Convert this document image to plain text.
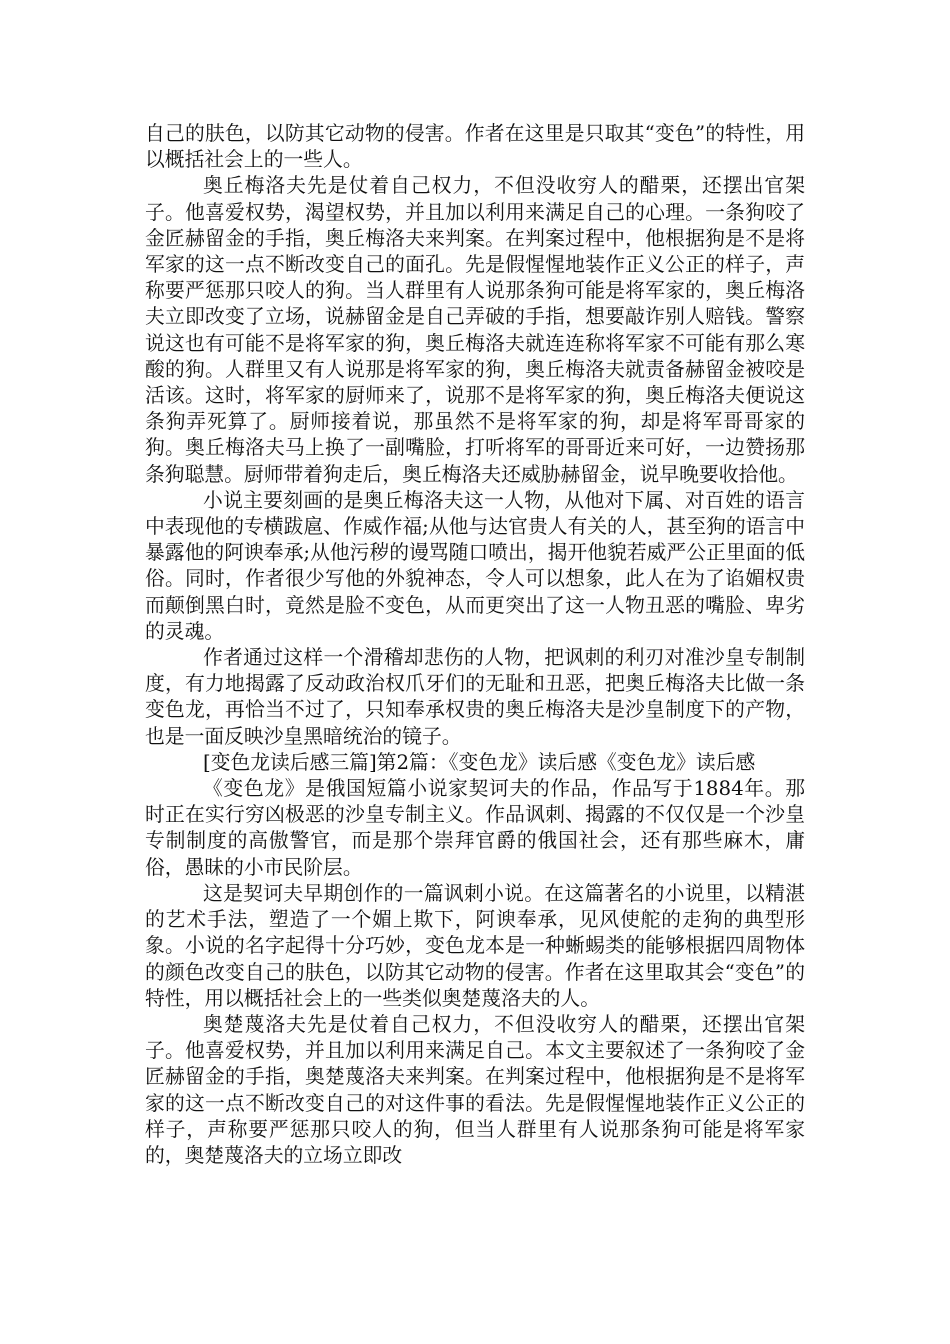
自己的肤色，以防其它动物的侵害。作者在这里是只取其“变色”的特性，用以概括社会上的一些人。

奥丘梅洛夫先是仗着自己权力，不但没收穷人的醋栗，还摆出官架子。他喜爱权势，渴望权势，并且加以利用来满足自己的心理。一条狗咬了金匠赫留金的手指，奥丘梅洛夫来判案。在判案过程中，他根据狗是不是将军家的这一点不断改变自己的面孔。先是假惺惺地装作正义公正的样子，声称要严惩那只咬人的狗。当人群里有人说那条狗可能是将军家的，奥丘梅洛夫立即改变了立场，说赫留金是自己弄破的手指，想要敲诈别人赔钱。警察说这也有可能不是将军家的狗，奥丘梅洛夫就连连称将军家不可能有那么寒酸的狗。人群里又有人说那是将军家的狗，奥丘梅洛夫就责备赫留金被咬是活该。这时，将军家的厨师来了，说那不是将军家的狗，奥丘梅洛夫便说这条狗弄死算了。厨师接着说，那虽然不是将军家的狗，却是将军哥哥家的狗。奥丘梅洛夫马上换了一副嘴脸，打听将军的哥哥近来可好，一边赞扬那条狗聪慧。厨师带着狗走后，奥丘梅洛夫还威胁赫留金，说早晚要收拾他。

小说主要刻画的是奥丘梅洛夫这一人物，从他对下属、对百姓的语言中表现他的专横跋扈、作威作福;从他与达官贵人有关的人，甚至狗的语言中暴露他的阿谀奉承;从他污秽的谩骂随口喷出，揭开他貌若威严公正里面的低俗。同时，作者很少写他的外貌神态，令人可以想象，此人在为了谄媚权贵而颠倒黑白时，竟然是脸不变色，从而更突出了这一人物丑恶的嘴脸、卑劣的灵魂。

作者通过这样一个滑稽却悲伤的人物，把讽刺的利刃对准沙皇专制制度，有力地揭露了反动政治权爪牙们的无耻和丑恶，把奥丘梅洛夫比做一条变色龙，再恰当不过了，只知奉承权贵的奥丘梅洛夫是沙皇制度下的产物，也是一面反映沙皇黑暗统治的镜子。

[变色龙读后感三篇]第2篇：《变色龙》读后感《变色龙》读后感

《变色龙》是俄国短篇小说家契诃夫的作品，作品写于1884年。那时正在实行穷凶极恶的沙皇专制主义。作品讽刺、揭露的不仅仅是一个沙皇专制制度的高傲警官，而是那个崇拜官爵的俄国社会，还有那些麻木，庸俗，愚昧的小市民阶层。

这是契诃夫早期创作的一篇讽刺小说。在这篇著名的小说里，以精湛的艺术手法，塑造了一个媚上欺下，阿谀奉承，见风使舵的走狗的典型形象。小说的名字起得十分巧妙，变色龙本是一种蜥蜴类的能够根据四周物体的颜色改变自己的肤色，以防其它动物的侵害。作者在这里取其会“变色”的特性，用以概括社会上的一些类似奥楚蔑洛夫的人。

奥楚蔑洛夫先是仗着自己权力，不但没收穷人的醋栗，还摆出官架子。他喜爱权势，并且加以利用来满足自己。本文主要叙述了一条狗咬了金匠赫留金的手指，奥楚蔑洛夫来判案。在判案过程中，他根据狗是不是将军家的这一点不断改变自己的对这件事的看法。先是假惺惺地装作正义公正的样子，声称要严惩那只咬人的狗，但当人群里有人说那条狗可能是将军家的，奥楚蔑洛夫的立场立即改
